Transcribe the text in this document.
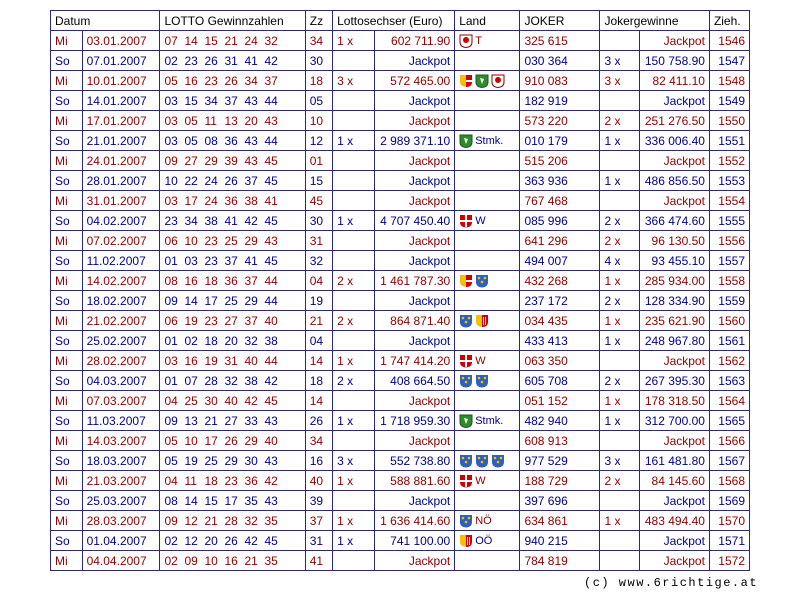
Datum		LOTTO Gewinnzahlen	Zz	Lottosechser (Euro)		Land	JOKER	Jokergewinne		Zieh.
Mi	03.01.2007	07 14 15 21 24 32	34	1 x	602 711.90	T	325 615		Jackpot	1546
So	07.01.2007	02 23 26 31 41 42	30		Jackpot		030 364	3 x	150 758.90	1547
Mi	10.01.2007	05 16 23 26 34 37	18	3 x	572 465.00		910 083	3 x	82 411.10	1548
So	14.01.2007	03 15 34 37 43 44	05		Jackpot		182 919		Jackpot	1549
Mi	17.01.2007	03 05 11 13 20 43	10		Jackpot		573 220	2 x	251 276.50	1550
So	21.01.2007	03 05 08 36 43 44	12	1 x	2 989 371.10	Stmk.	010 179	1 x	336 006.40	1551
Mi	24.01.2007	09 27 29 39 43 45	01		Jackpot		515 206		Jackpot	1552
So	28.01.2007	10 22 24 26 37 45	15		Jackpot		363 936	1 x	486 856.50	1553
Mi	31.01.2007	03 17 24 36 38 41	45		Jackpot		767 468		Jackpot	1554
So	04.02.2007	23 34 38 41 42 45	30	1 x	4 707 450.40	W	085 996	2 x	366 474.60	1555
Mi	07.02.2007	06 10 23 25 29 43	31		Jackpot		641 296	2 x	96 130.50	1556
So	11.02.2007	01 03 23 37 41 45	32		Jackpot		494 007	4 x	93 455.10	1557
Mi	14.02.2007	08 16 18 36 37 44	04	2 x	1 461 787.30		432 268	1 x	285 934.00	1558
So	18.02.2007	09 14 17 25 29 44	19		Jackpot		237 172	2 x	128 334.90	1559
Mi	21.02.2007	06 19 23 27 37 40	21	2 x	864 871.40		034 435	1 x	235 621.90	1560
So	25.02.2007	01 02 18 20 32 38	04		Jackpot		433 413	1 x	248 967.80	1561
Mi	28.02.2007	03 16 19 31 40 44	14	1 x	1 747 414.20	W	063 350		Jackpot	1562
So	04.03.2007	01 07 28 32 38 42	18	2 x	408 664.50		605 708	2 x	267 395.30	1563
Mi	07.03.2007	04 25 30 40 42 45	14		Jackpot		051 152	1 x	178 318.50	1564
So	11.03.2007	09 13 21 27 33 43	26	1 x	1 718 959.30	Stmk.	482 940	1 x	312 700.00	1565
Mi	14.03.2007	05 10 17 26 29 40	34		Jackpot		608 913		Jackpot	1566
So	18.03.2007	05 19 25 29 30 43	16	3 x	552 738.80		977 529	3 x	161 481.80	1567
Mi	21.03.2007	04 11 18 23 36 42	40	1 x	588 881.60	W	188 729	2 x	84 145.60	1568
So	25.03.2007	08 14 15 17 35 43	39		Jackpot		397 696		Jackpot	1569
Mi	28.03.2007	09 12 21 28 32 35	37	1 x	1 636 414.60	NÖ	634 861	1 x	483 494.40	1570
So	01.04.2007	02 12 20 26 42 45	31	1 x	741 100.00	OÖ	940 215		Jackpot	1571
Mi	04.04.2007	02 09 10 16 21 35	41		Jackpot		784 819		Jackpot	1572
(c) www.6richtige.at
